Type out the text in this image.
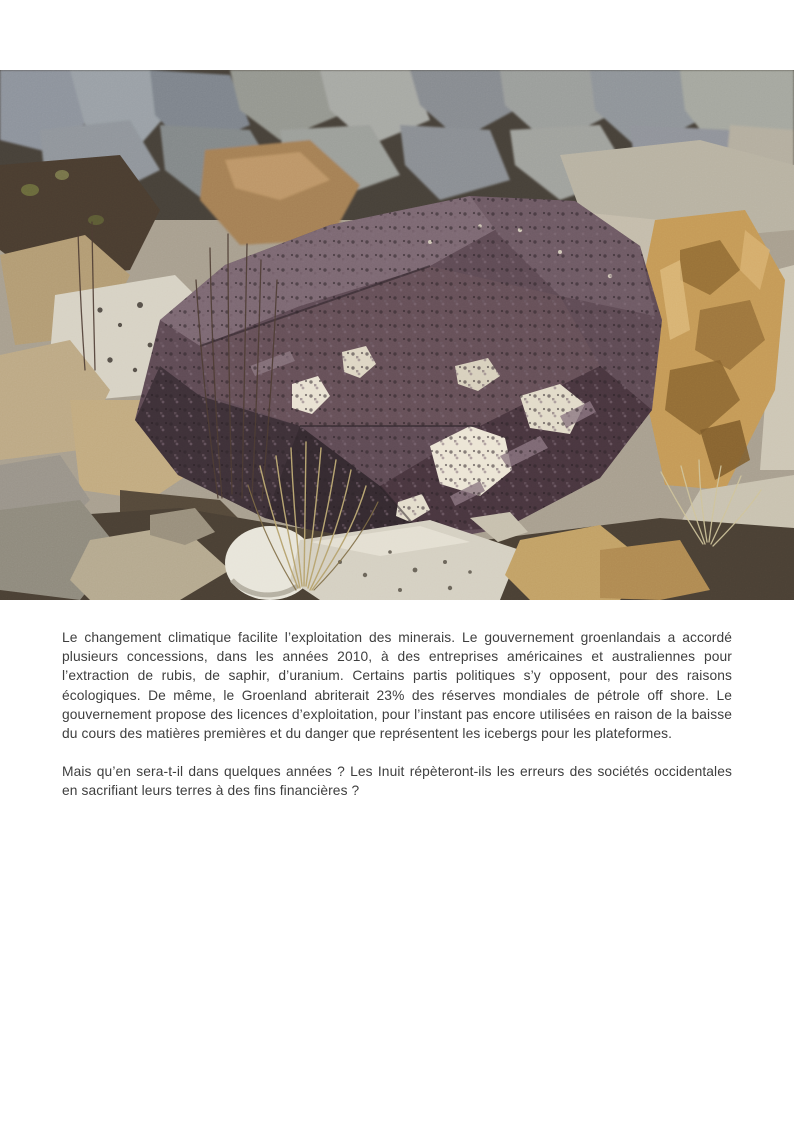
Le changement climatique facilite l’exploitation des minerais. Le gouvernement groenlandais a accordé plusieurs concessions, dans les années 2010, à des entreprises américaines et australiennes pour l’extraction de rubis, de saphir, d’uranium. Certains partis politiques s’y opposent, pour des raisons écologiques. De même, le Groenland abriterait 23% des réserves mondiales de pétrole off shore. Le gouvernement propose des licences d’exploitation, pour l’instant pas encore utilisées en raison de la baisse du cours des matières premières et du danger que représentent les icebergs pour les plateformes.

Mais qu’en sera-t-il dans quelques années ? Les Inuit répèteront-ils les erreurs des sociétés occidentales en sacrifiant leurs terres à des fins financières ?
